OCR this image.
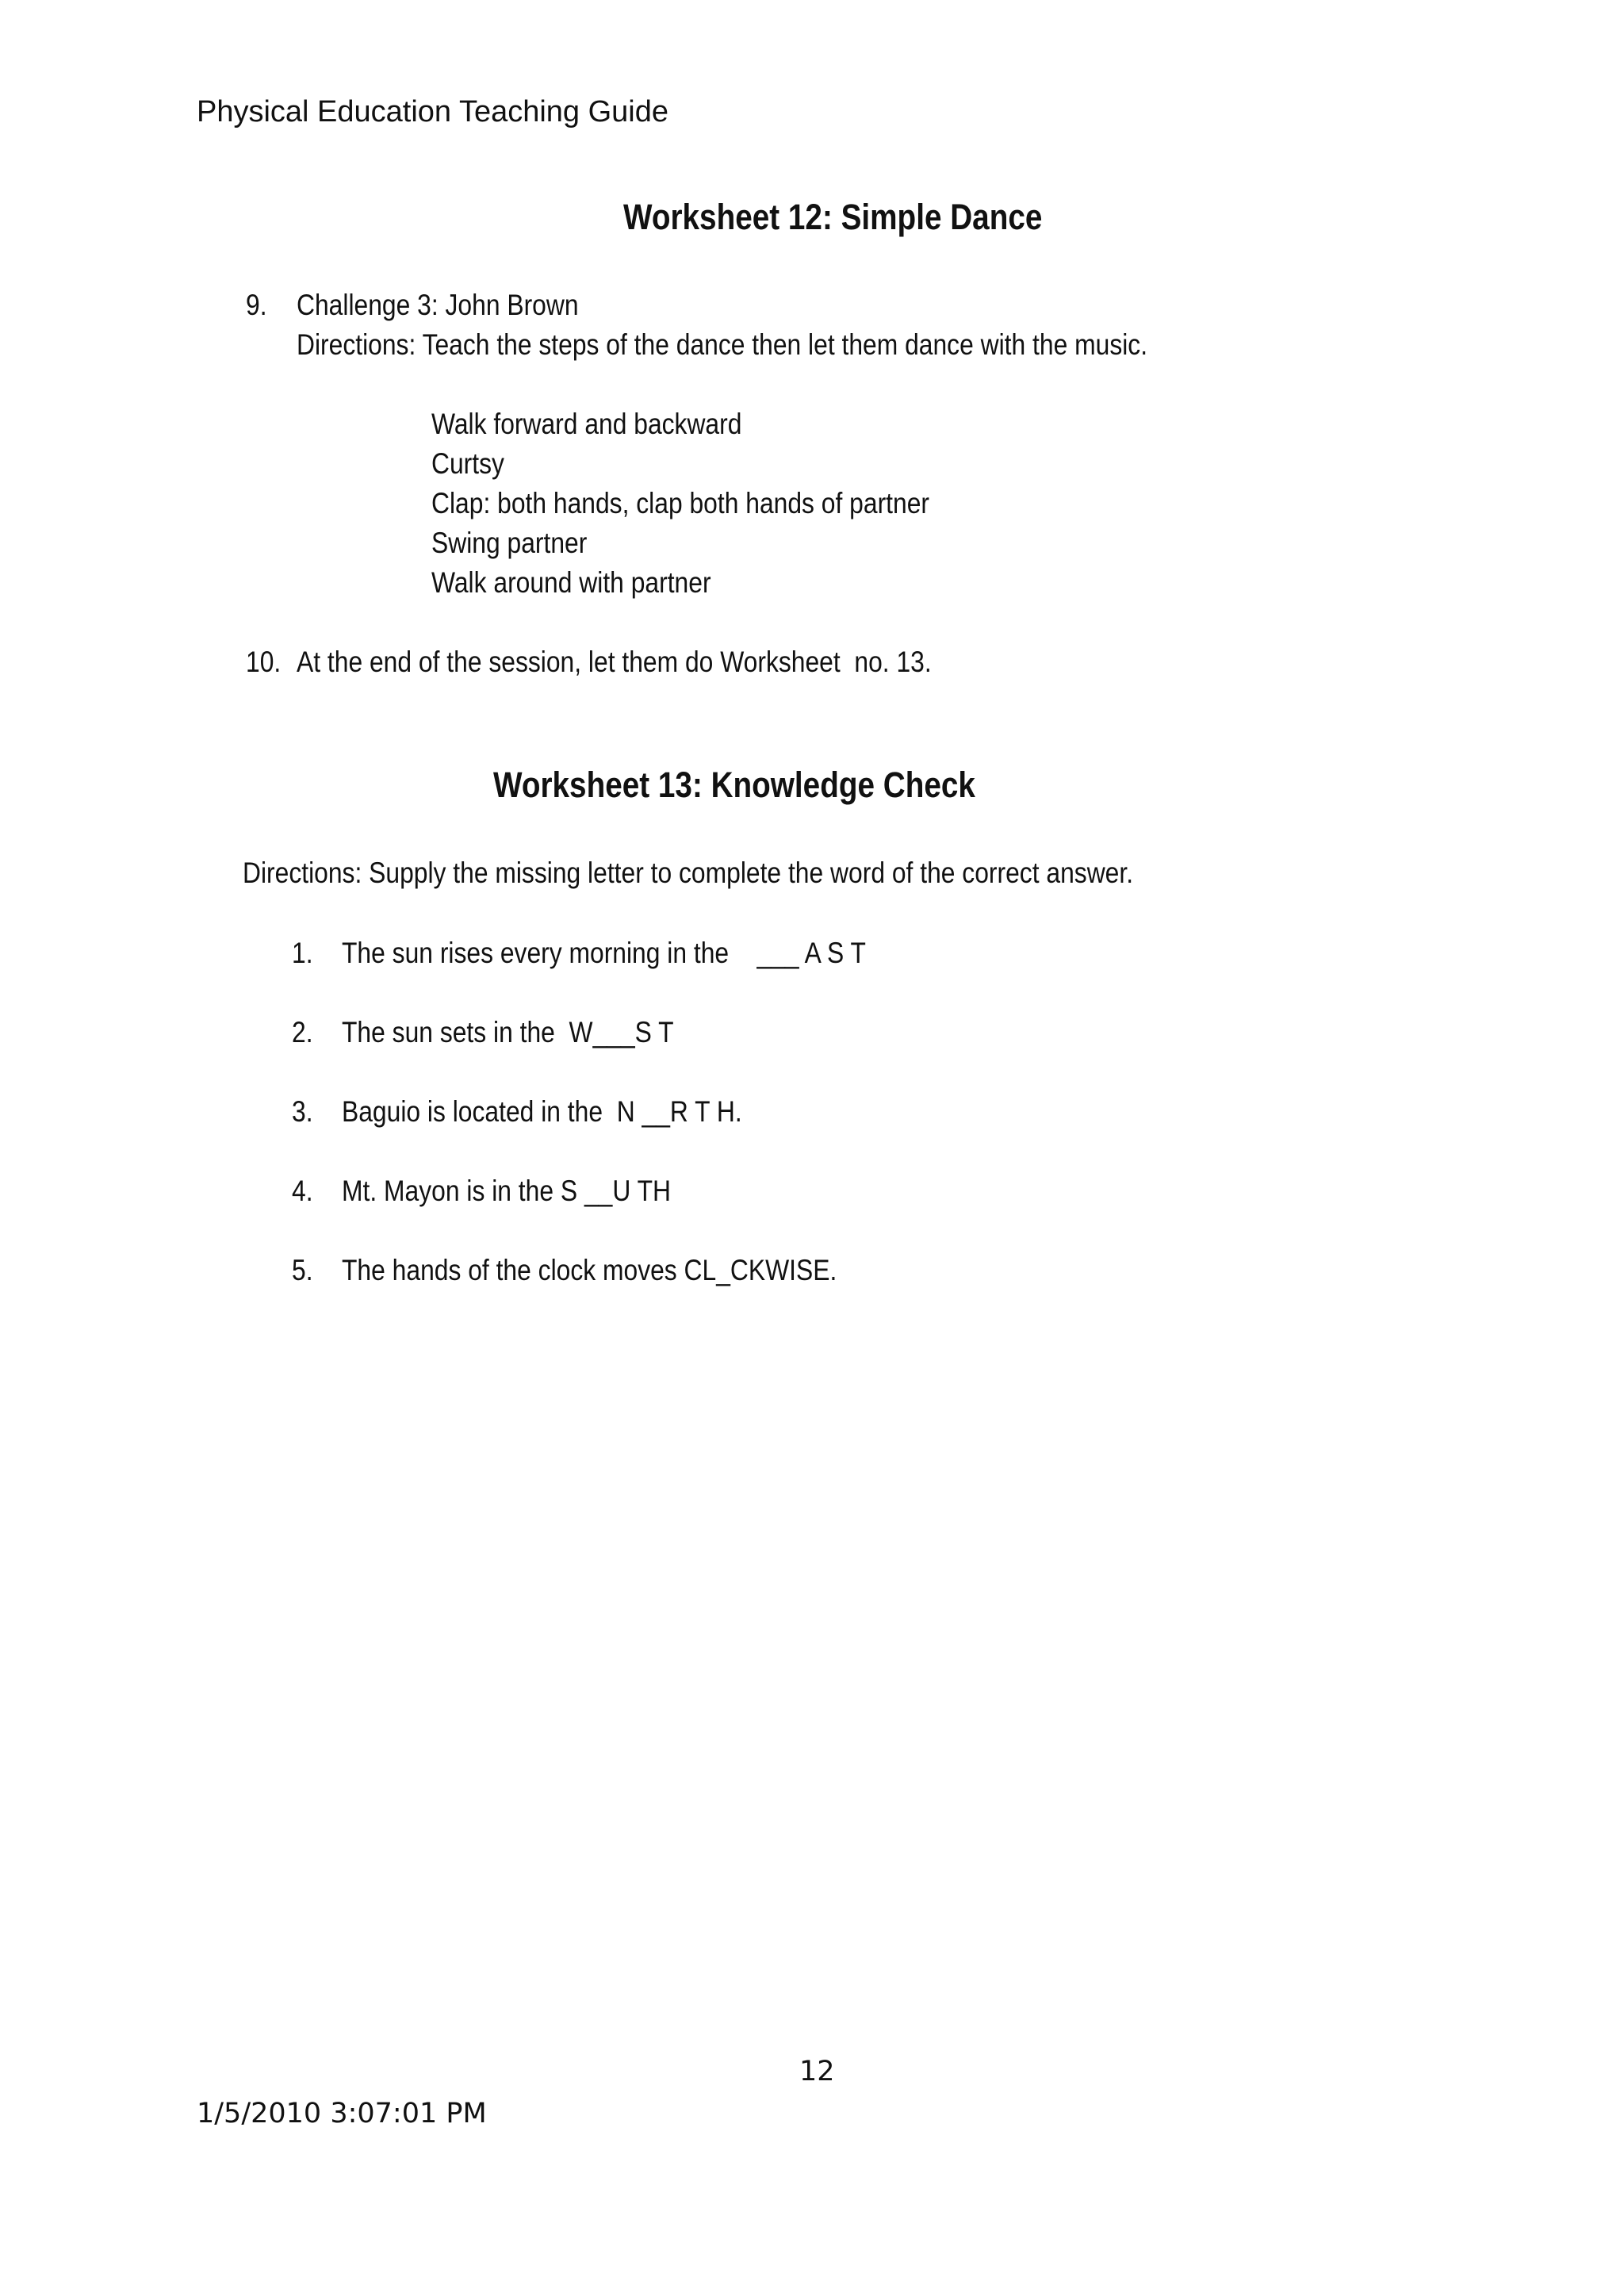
Physical Education Teaching Guide
Worksheet 12: Simple Dance
9. Challenge 3: John Brown
Directions: Teach the steps of the dance then let them dance with the music.
Walk forward and backward
Curtsy
Clap: both hands, clap both hands of partner
Swing partner
Walk around with partner
10. At the end of the session, let them do Worksheet  no. 13.
Worksheet 13: Knowledge Check
Directions: Supply the missing letter to complete the word of the correct answer.
1. The sun rises every morning in the    ___ A S T
2. The sun sets in the  W___S T
3. Baguio is located in the  N __R T H.
4. Mt. Mayon is in the S __U TH
5. The hands of the clock moves CL_CKWISE.
12
1/5/2010 3:07:01 PM
